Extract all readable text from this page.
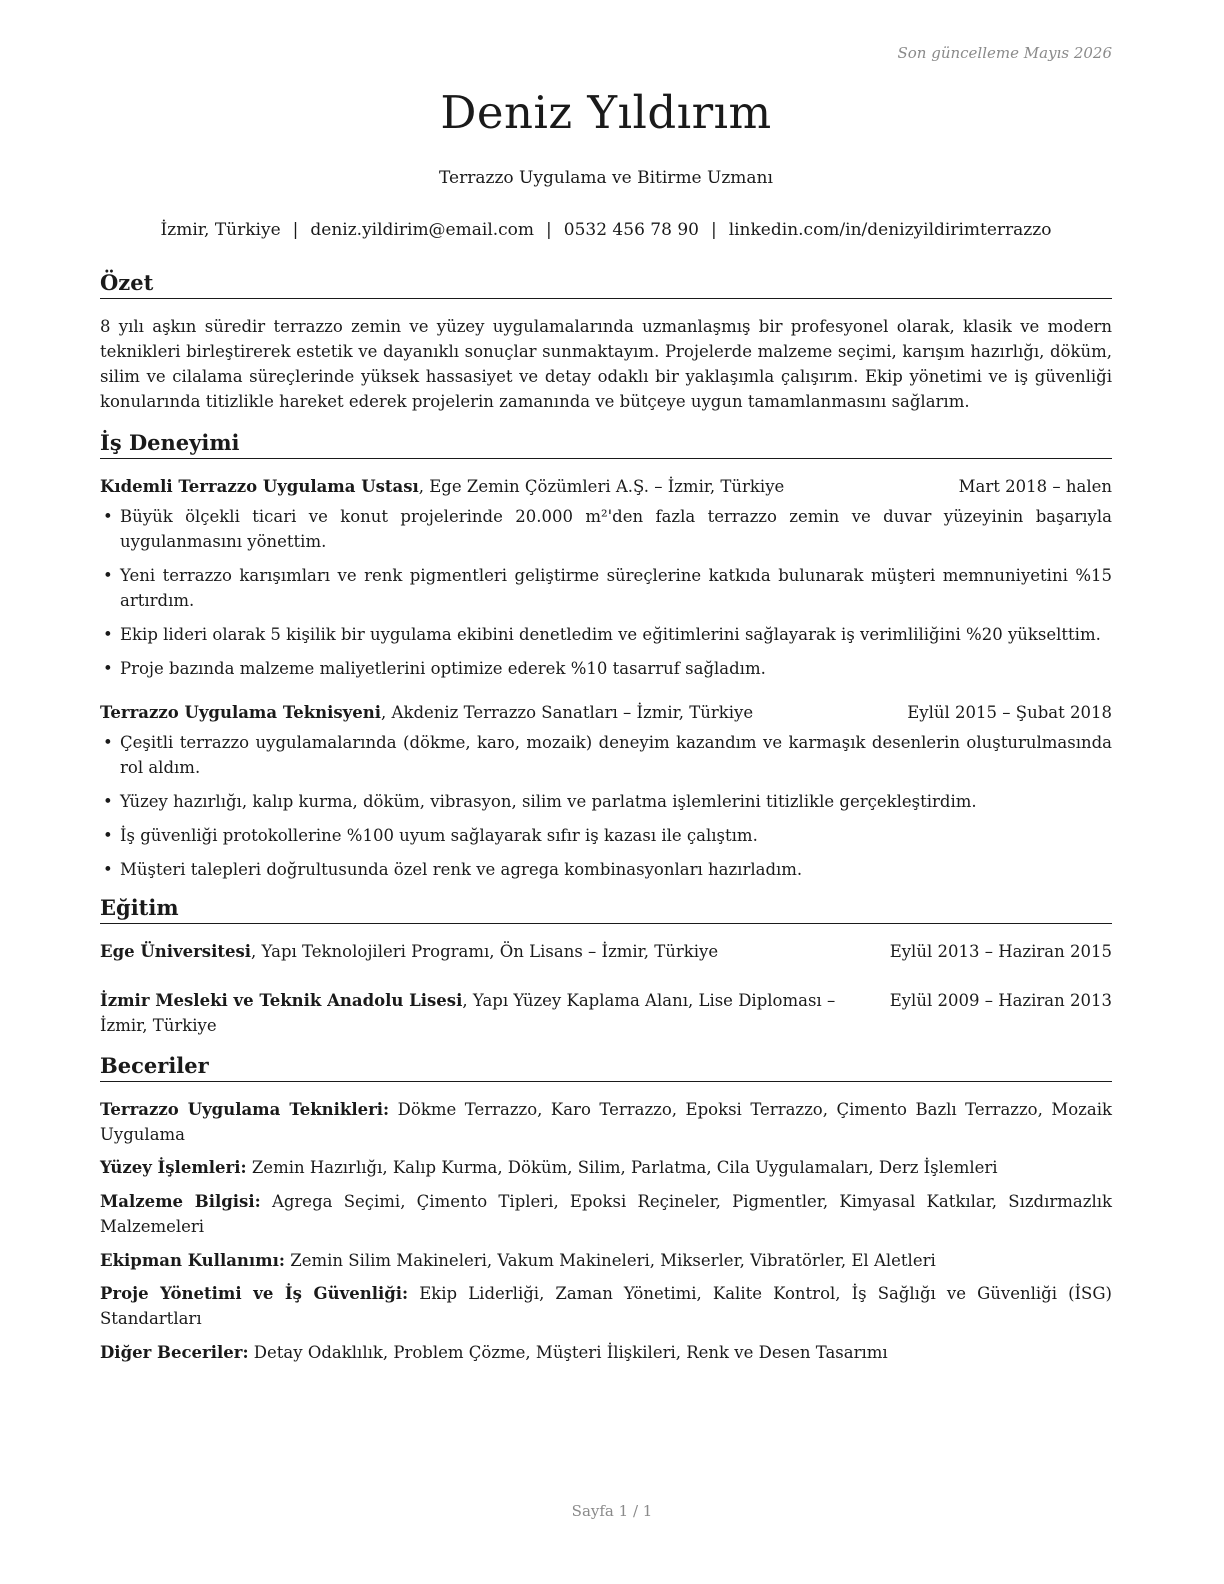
Son güncelleme Mayıs 2026
Deniz Yıldırım
Terrazzo Uygulama ve Bitirme Uzmanı
İzmir, Türkiye | deniz.yildirim@email.com | 0532 456 78 90 | linkedin.com/in/denizyildirimterrazzo
Özet
8 yılı aşkın süredir terrazzo zemin ve yüzey uygulamalarında uzmanlaşmış bir profesyonel olarak, klasik ve modern teknikleri birleştirerek estetik ve dayanıklı sonuçlar sunmaktayım. Projelerde malzeme seçimi, karışım hazırlığı, döküm, silim ve cilalama süreçlerinde yüksek hassasiyet ve detay odaklı bir yaklaşımla çalışırım. Ekip yönetimi ve iş güvenliği konularında titizlikle hareket ederek projelerin zamanında ve bütçeye uygun tamamlanmasını sağlarım.
İş Deneyimi
Kıdemli Terrazzo Uygulama Ustası, Ege Zemin Çözümleri A.Ş. – İzmir, Türkiye	Mart 2018 – halen
• Büyük ölçekli ticari ve konut projelerinde 20.000 m²'den fazla terrazzo zemin ve duvar yüzeyinin başarıyla uygulanmasını yönettim.
• Yeni terrazzo karışımları ve renk pigmentleri geliştirme süreçlerine katkıda bulunarak müşteri memnuniyetini %15 artırdım.
• Ekip lideri olarak 5 kişilik bir uygulama ekibini denetledim ve eğitimlerini sağlayarak iş verimliliğini %20 yükselttim.
• Proje bazında malzeme maliyetlerini optimize ederek %10 tasarruf sağladım.
Terrazzo Uygulama Teknisyeni, Akdeniz Terrazzo Sanatları – İzmir, Türkiye	Eylül 2015 – Şubat 2018
• Çeşitli terrazzo uygulamalarında (dökme, karo, mozaik) deneyim kazandım ve karmaşık desenlerin oluşturulmasında rol aldım.
• Yüzey hazırlığı, kalıp kurma, döküm, vibrasyon, silim ve parlatma işlemlerini titizlikle gerçekleştirdim.
• İş güvenliği protokollerine %100 uyum sağlayarak sıfır iş kazası ile çalıştım.
• Müşteri talepleri doğrultusunda özel renk ve agrega kombinasyonları hazırladım.
Eğitim
Ege Üniversitesi, Yapı Teknolojileri Programı, Ön Lisans – İzmir, Türkiye	Eylül 2013 – Haziran 2015
İzmir Mesleki ve Teknik Anadolu Lisesi, Yapı Yüzey Kaplama Alanı, Lise Diploması –	Eylül 2009 – Haziran 2013
İzmir, Türkiye
Beceriler
Terrazzo Uygulama Teknikleri: Dökme Terrazzo, Karo Terrazzo, Epoksi Terrazzo, Çimento Bazlı Terrazzo, Mozaik Uygulama
Yüzey İşlemleri: Zemin Hazırlığı, Kalıp Kurma, Döküm, Silim, Parlatma, Cila Uygulamaları, Derz İşlemleri
Malzeme Bilgisi: Agrega Seçimi, Çimento Tipleri, Epoksi Reçineler, Pigmentler, Kimyasal Katkılar, Sızdırmazlık Malzemeleri
Ekipman Kullanımı: Zemin Silim Makineleri, Vakum Makineleri, Mikserler, Vibratörler, El Aletleri
Proje Yönetimi ve İş Güvenliği: Ekip Liderliği, Zaman Yönetimi, Kalite Kontrol, İş Sağlığı ve Güvenliği (İSG) Standartları
Diğer Beceriler: Detay Odaklılık, Problem Çözme, Müşteri İlişkileri, Renk ve Desen Tasarımı
Sayfa 1 / 1
